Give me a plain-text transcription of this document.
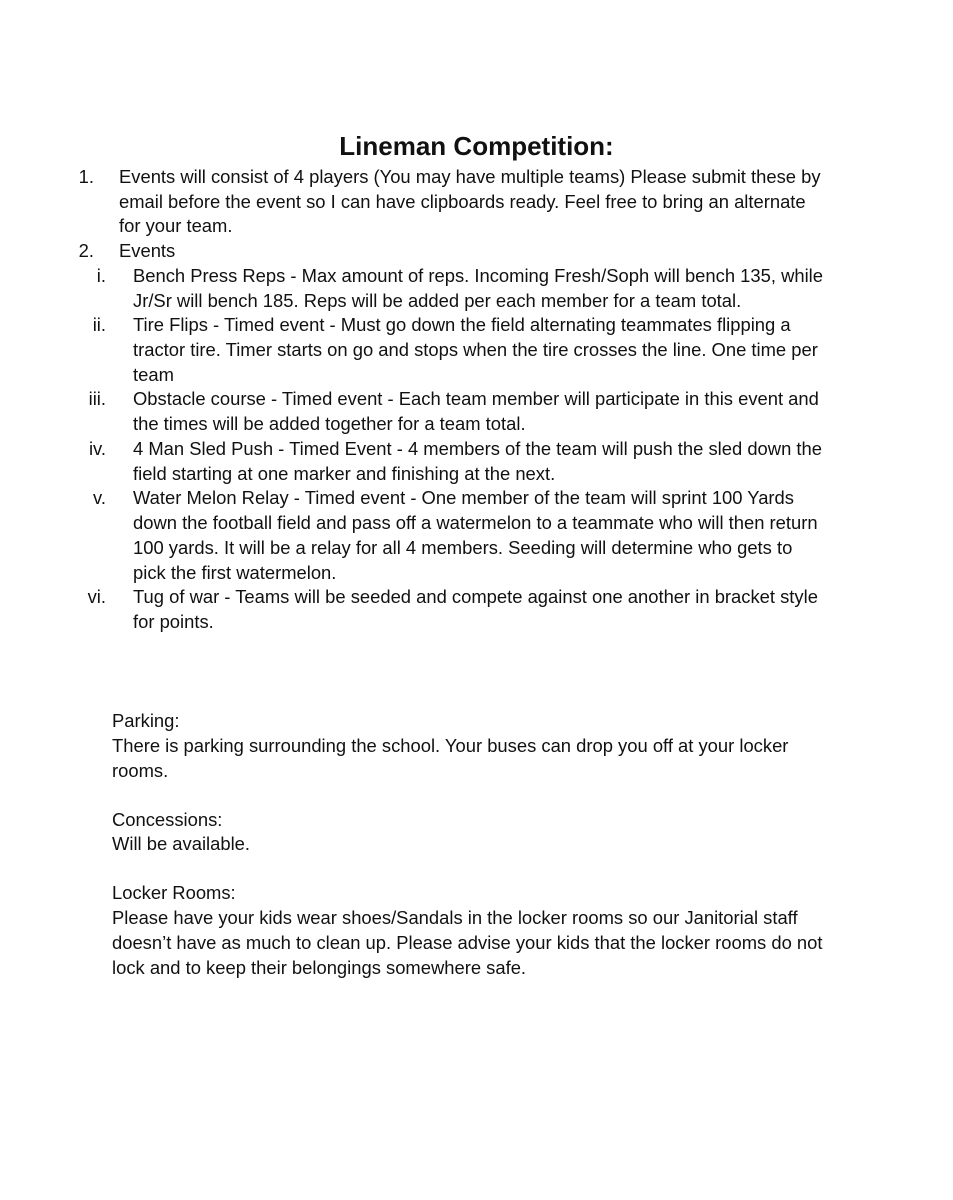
Lineman Competition:
1. Events will consist of 4 players (You may have multiple teams) Please submit these by
email before the event so I can have clipboards ready. Feel free to bring an alternate
for your team.
2. Events
i. Bench Press Reps - Max amount of reps. Incoming Fresh/Soph will bench 135, while
Jr/Sr will bench 185. Reps will be added per each member for a team total.
ii. Tire Flips - Timed event - Must go down the field alternating teammates flipping a
tractor tire. Timer starts on go and stops when the tire crosses the line. One time per
team
iii. Obstacle course - Timed event - Each team member will participate in this event and
the times will be added together for a team total.
iv. 4 Man Sled Push - Timed Event - 4 members of the team will push the sled down the
field starting at one marker and finishing at the next.
v. Water Melon Relay - Timed event - One member of the team will sprint 100 Yards
down the football field and pass off a watermelon to a teammate who will then return
100 yards. It will be a relay for all 4 members. Seeding will determine who gets to
pick the first watermelon.
vi. Tug of war - Teams will be seeded and compete against one another in bracket style
for points.
Parking:
There is parking surrounding the school. Your buses can drop you off at your locker
rooms.
Concessions:
Will be available.
Locker Rooms:
Please have your kids wear shoes/Sandals in the locker rooms so our Janitorial staff
doesn’t have as much to clean up. Please advise your kids that the locker rooms do not
lock and to keep their belongings somewhere safe.
